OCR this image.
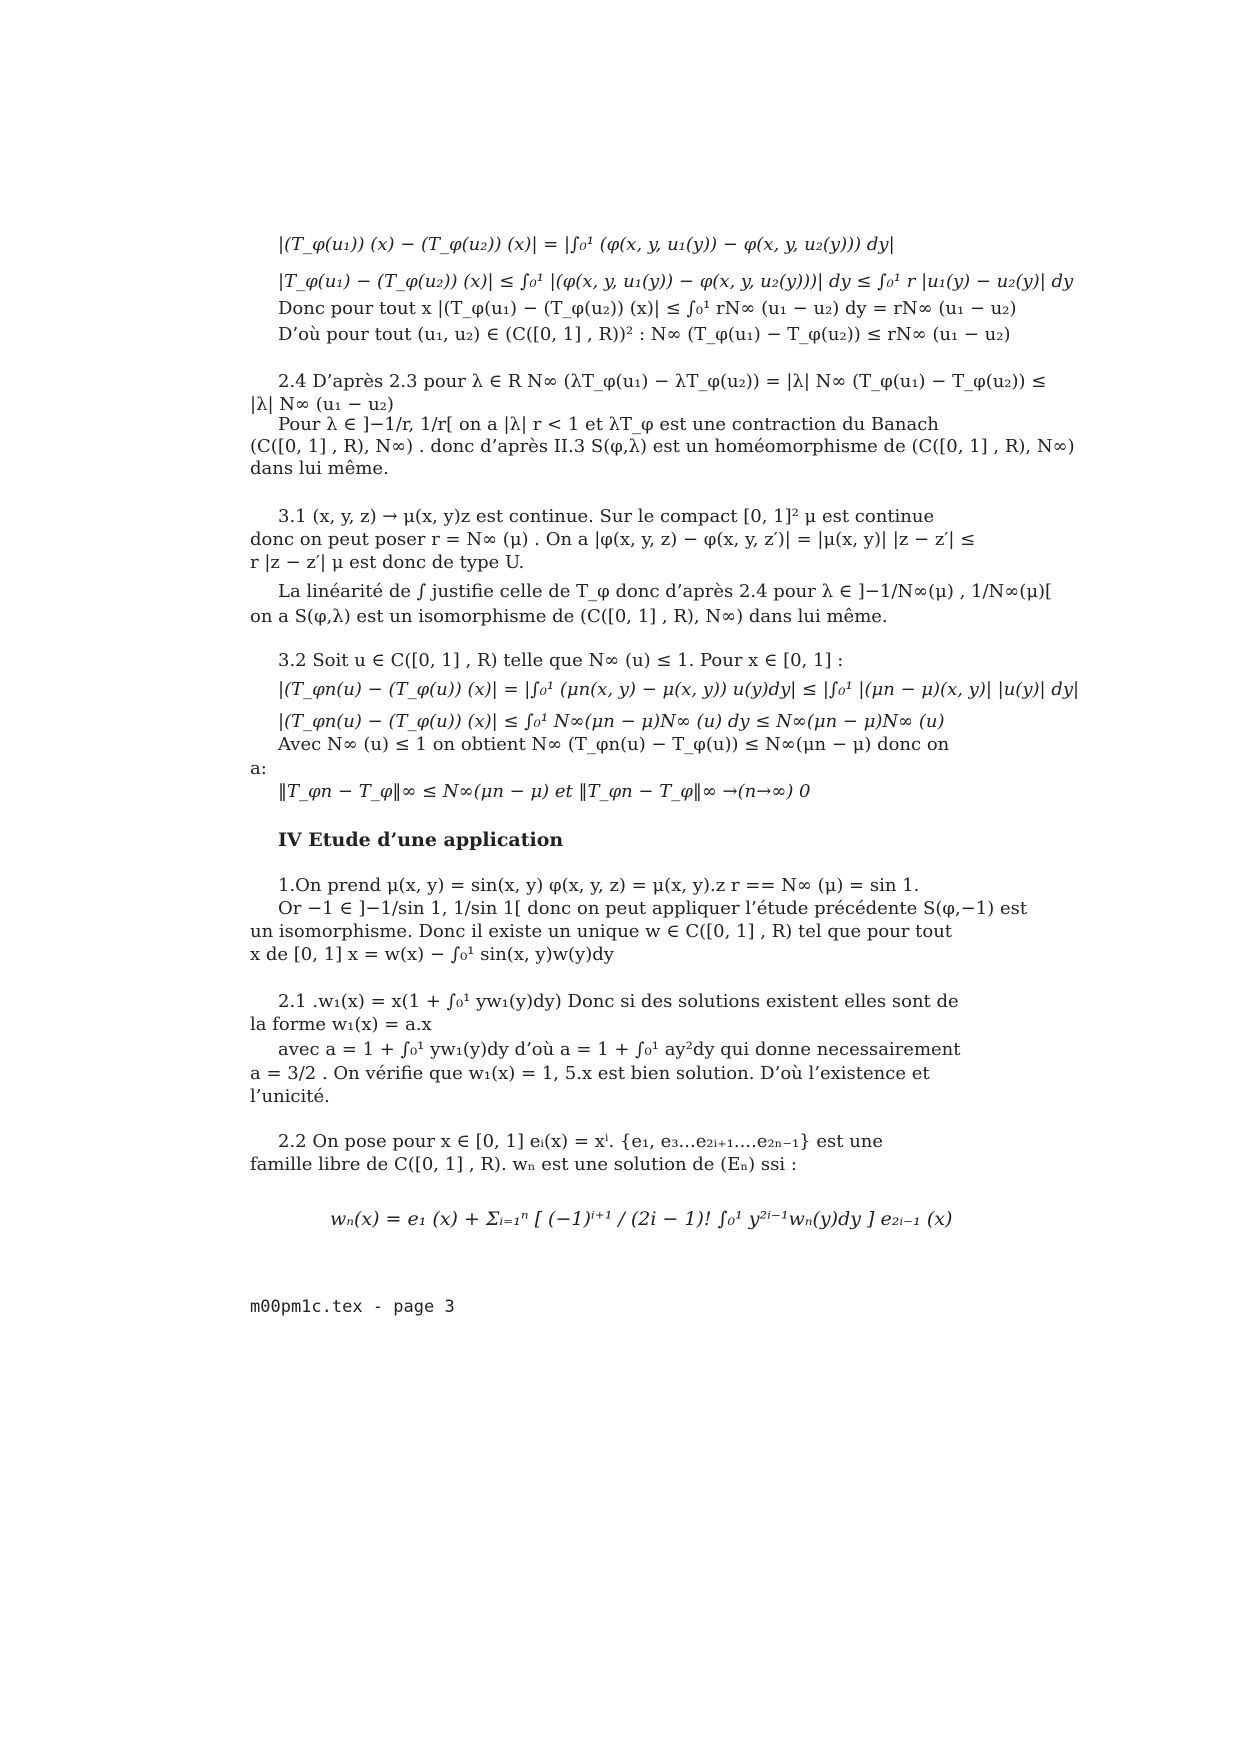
|(T_φ(u₁)) (x) − (T_φ(u₂)) (x)| = |∫₀¹ (φ(x, y, u₁(y)) − φ(x, y, u₂(y))) dy|
|T_φ(u₁) − (T_φ(u₂)) (x)| ≤ ∫₀¹ |(φ(x, y, u₁(y)) − φ(x, y, u₂(y)))| dy ≤ ∫₀¹ r |u₁(y) − u₂(y)| dy
Donc pour tout x |(T_φ(u₁) − (T_φ(u₂)) (x)| ≤ ∫₀¹ rN∞ (u₁ − u₂) dy = rN∞ (u₁ − u₂)
D’où pour tout (u₁, u₂) ∈ (C([0, 1] , R))² : N∞ (T_φ(u₁) − T_φ(u₂)) ≤ rN∞ (u₁ − u₂)
2.4 D’après 2.3 pour λ ∈ R N∞ (λT_φ(u₁) − λT_φ(u₂)) = |λ| N∞ (T_φ(u₁) − T_φ(u₂)) ≤
|λ| N∞ (u₁ − u₂)
Pour λ ∈ ]−1/r, 1/r[ on a |λ| r < 1 et λT_φ est une contraction du Banach
(C([0, 1] , R), N∞) . donc d’après II.3 S(φ,λ) est un homéomorphisme de (C([0, 1] , R), N∞)
dans lui même.
3.1 (x, y, z) → μ(x, y)z est continue. Sur le compact [0, 1]² μ est continue
donc on peut poser r = N∞ (μ) . On a |φ(x, y, z) − φ(x, y, z′)| = |μ(x, y)| |z − z′| ≤
r |z − z′| μ est donc de type U.
La linéarité de ∫ justifie celle de T_φ donc d’après 2.4 pour λ ∈ ]−1/N∞(μ) , 1/N∞(μ)[
on a S(φ,λ) est un isomorphisme de (C([0, 1] , R), N∞) dans lui même.
3.2 Soit u ∈ C([0, 1] , R) telle que N∞ (u) ≤ 1. Pour x ∈ [0, 1] :
|(T_φn(u) − (T_φ(u)) (x)| = |∫₀¹ (μn(x, y) − μ(x, y)) u(y)dy| ≤ |∫₀¹ |(μn − μ)(x, y)| |u(y)| dy|
|(T_φn(u) − (T_φ(u)) (x)| ≤ ∫₀¹ N∞(μn − μ)N∞ (u) dy ≤ N∞(μn − μ)N∞ (u)
Avec N∞ (u) ≤ 1 on obtient N∞ (T_φn(u) − T_φ(u)) ≤ N∞(μn − μ) donc on
a:
‖T_φn − T_φ‖∞ ≤ N∞(μn − μ) et ‖T_φn − T_φ‖∞ →(n→∞) 0
IV Etude d’une application
1.On prend μ(x, y) = sin(x, y) φ(x, y, z) = μ(x, y).z r == N∞ (μ) = sin 1.
Or −1 ∈ ]−1/sin 1, 1/sin 1[ donc on peut appliquer l’étude précédente S(φ,−1) est
un isomorphisme. Donc il existe un unique w ∈ C([0, 1] , R) tel que pour tout
x de [0, 1] x = w(x) − ∫₀¹ sin(x, y)w(y)dy
2.1 .w₁(x) = x(1 + ∫₀¹ yw₁(y)dy) Donc si des solutions existent elles sont de
la forme w₁(x) = a.x
avec a = 1 + ∫₀¹ yw₁(y)dy d’où a = 1 + ∫₀¹ ay²dy qui donne necessairement
a = 3/2 . On vérifie que w₁(x) = 1, 5.x est bien solution. D’où l’existence et
l’unicité.
2.2 On pose pour x ∈ [0, 1] eᵢ(x) = xⁱ. {e₁, e₃...e₂ᵢ₊₁....e₂ₙ₋₁} est une
famille libre de C([0, 1] , R). wₙ est une solution de (Eₙ) ssi :
wₙ(x) = e₁ (x) + Σᵢ₌₁ⁿ [ (−1)ⁱ⁺¹ / (2i − 1)! ∫₀¹ y²ⁱ⁻¹wₙ(y)dy ] e₂ᵢ₋₁ (x)
m00pm1c.tex - page 3
